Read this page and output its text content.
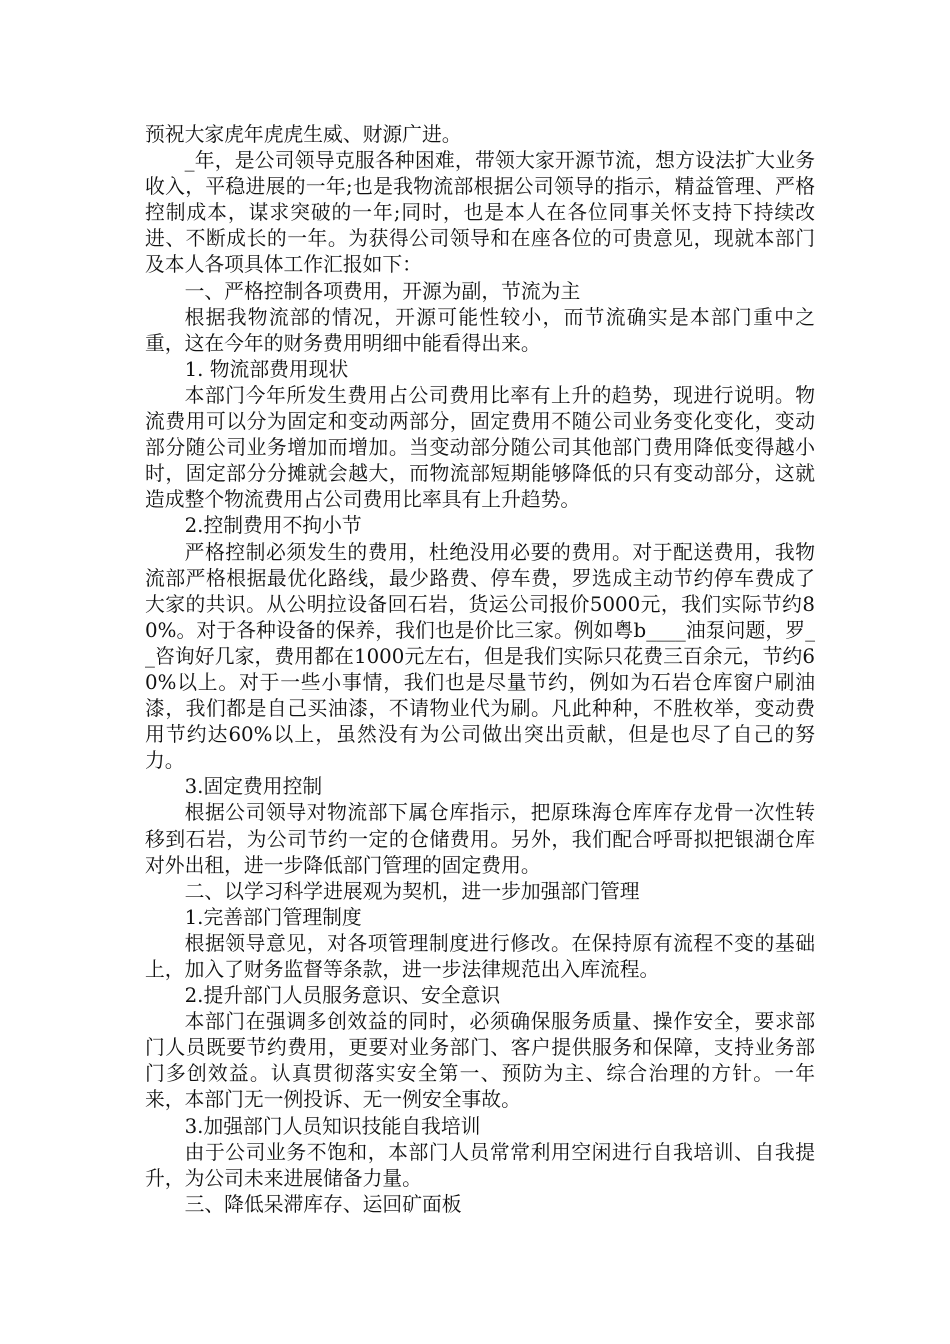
预祝大家虎年虎虎生威、财源广进。

_年，是公司领导克服各种困难，带领大家开源节流，想方设法扩大业务收入，平稳进展的一年;也是我物流部根据公司领导的指示，精益管理、严格控制成本，谋求突破的一年;同时，也是本人在各位同事关怀支持下持续改进、不断成长的一年。为获得公司领导和在座各位的可贵意见，现就本部门及本人各项具体工作汇报如下：

一、严格控制各项费用，开源为副，节流为主

根据我物流部的情况，开源可能性较小，而节流确实是本部门重中之重，这在今年的财务费用明细中能看得出来。

1. 物流部费用现状

本部门今年所发生费用占公司费用比率有上升的趋势，现进行说明。物流费用可以分为固定和变动两部分，固定费用不随公司业务变化变化，变动部分随公司业务增加而增加。当变动部分随公司其他部门费用降低变得越小时，固定部分分摊就会越大，而物流部短期能够降低的只有变动部分，这就造成整个物流费用占公司费用比率具有上升趋势。

2.控制费用不拘小节

严格控制必须发生的费用，杜绝没用必要的费用。对于配送费用，我物流部严格根据最优化路线，最少路费、停车费，罗选成主动节约停车费成了大家的共识。从公明拉设备回石岩，货运公司报价5000元，我们实际节约80%。对于各种设备的保养，我们也是价比三家。例如粤b____油泵问题，罗__咨询好几家，费用都在1000元左右，但是我们实际只花费三百余元，节约60%以上。对于一些小事情，我们也是尽量节约，例如为石岩仓库窗户刷油漆，我们都是自己买油漆，不请物业代为刷。凡此种种，不胜枚举，变动费用节约达60%以上，虽然没有为公司做出突出贡献，但是也尽了自己的努力。

3.固定费用控制

根据公司领导对物流部下属仓库指示，把原珠海仓库库存龙骨一次性转移到石岩，为公司节约一定的仓储费用。另外，我们配合呼哥拟把银湖仓库对外出租，进一步降低部门管理的固定费用。

二、以学习科学进展观为契机，进一步加强部门管理

1.完善部门管理制度

根据领导意见，对各项管理制度进行修改。在保持原有流程不变的基础上，加入了财务监督等条款，进一步法律规范出入库流程。

2.提升部门人员服务意识、安全意识

本部门在强调多创效益的同时，必须确保服务质量、操作安全，要求部门人员既要节约费用，更要对业务部门、客户提供服务和保障，支持业务部门多创效益。认真贯彻落实安全第一、预防为主、综合治理的方针。一年来，本部门无一例投诉、无一例安全事故。

3.加强部门人员知识技能自我培训

由于公司业务不饱和，本部门人员常常利用空闲进行自我培训、自我提升，为公司未来进展储备力量。

三、降低呆滞库存、运回矿面板
